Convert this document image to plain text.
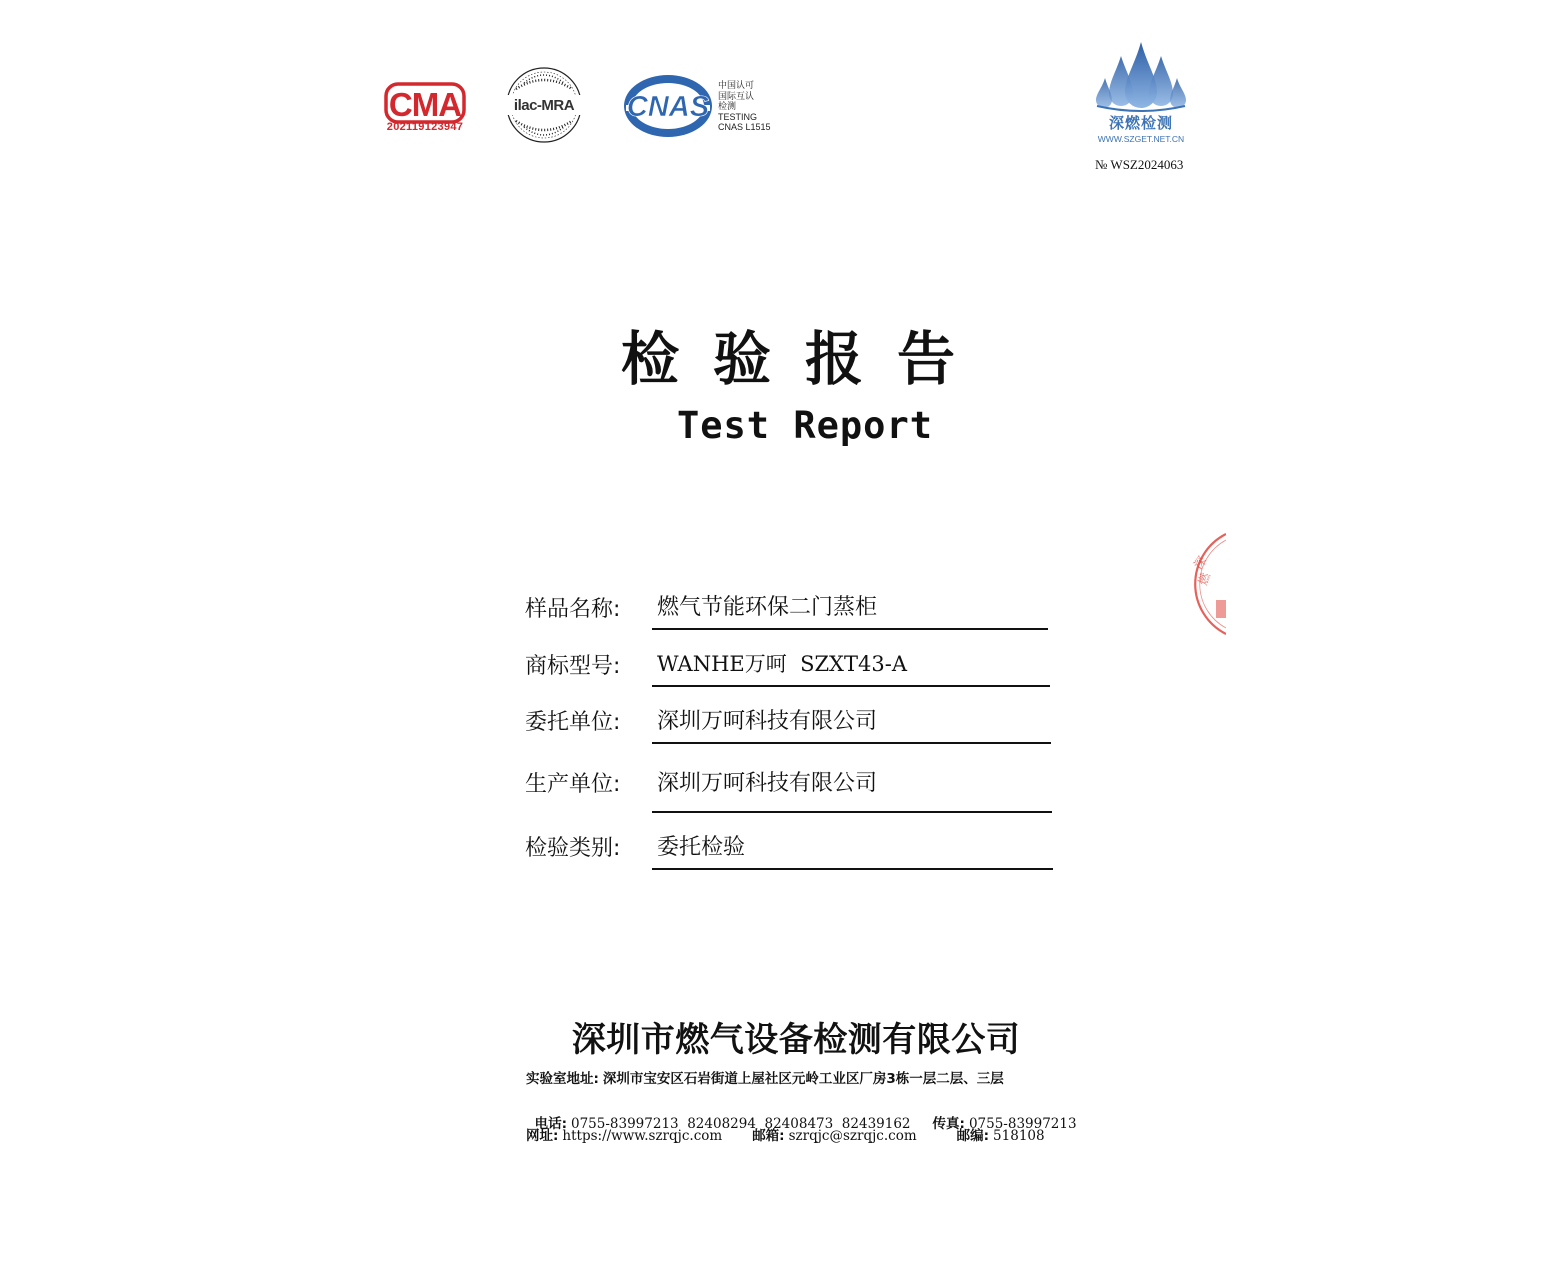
CMA
202119123947
ilac-MRA CNAS
中国认可
国际互认
检测
TESTING
CNAS L1515	深燃检测
WWW.SZGET.NET.CN
№ WSZ2024063
检验报告
Test Report
深
燃
样品名称: 燃气节能环保二门蒸柜
商标型号: WANHE万呵  SZXT43-A
委托单位: 深圳万呵科技有限公司
生产单位: 深圳万呵科技有限公司
检验类别: 委托检验
深圳市燃气设备检测有限公司
实验室地址: 深圳市宝安区石岩街道上屋社区元岭工业区厂房3栋一层二层、三层

电话: 0755-83997213  82408294  82408473  82439162 传真: 0755-83997213

网址: https://www.szrqjc.com 邮箱: szrqjc@szrqjc.com	邮编: 518108
